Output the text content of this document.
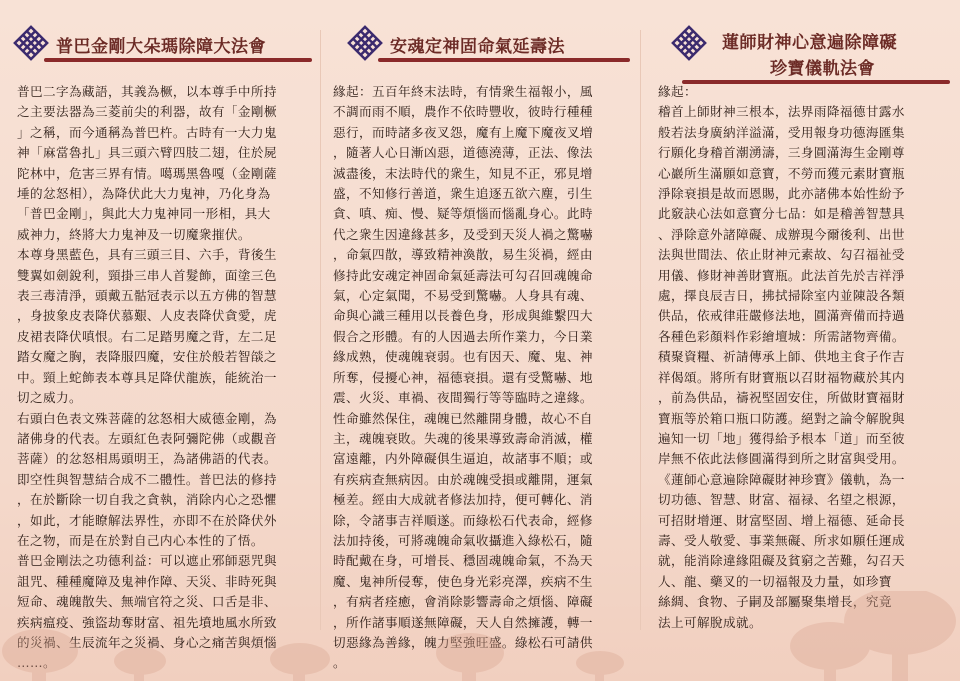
普巴金剛大朵瑪除障大法會

普巴二字為藏語，其義為橛，以本尊手中所持

之主要法器為三菱前尖的利器，故有「金剛橛

」之稱，而今通稱為普巴杵。古時有一大力鬼

神「麻當魯扎」具三頭六臂四肢二翅，住於屍

陀林中，危害三界有情。噶瑪黑魯嘎（金剛薩

埵的忿怒相），為降伏此大力鬼神，乃化身為

「普巴金剛」，與此大力鬼神同一形相，具大

威神力，終將大力鬼神及一切魔衆摧伏。

本尊身黑藍色，具有三頭三目、六手，背後生

雙翼如劍銳利，頸掛三串人首髮飾，面塗三色

表三毒清淨，頭戴五骷冠表示以五方佛的智慧

，身披象皮表降伏慕艱、人皮表降伏貪愛，虎

皮裙表降伏嗔恨。右二足踏男魔之背，左二足

踏女魔之胸，表降服四魔，安住於般若智燄之

中。頸上蛇飾表本尊具足降伏龍族，能統治一

切之威力。

右頭白色表文殊菩薩的忿怒相大威德金剛，為

諸佛身的代表。左頭紅色表阿彌陀佛（或觀音

菩薩）的忿怒相馬頭明王，為諸佛語的代表。

即空性與智慧結合成不二體性。普巴法的修持

，在於斷除一切自我之貪執，消除内心之恐懼

，如此，才能瞭解法界性，亦即不在於降伏外

在之物，而是在於對自己内心本性的了悟。

普巴金剛法之功德利益：可以遮止邪師惡咒與

詛咒、種種魔障及鬼神作障、天災、非時死與

短命、魂魄散失、無端官符之災、口舌是非、

疾病瘟疫、強盜劫奪財富、祖先墳地風水所致

的災禍、生辰流年之災禍、身心之痛苦與煩惱

……。

安魂定神固命氣延壽法

緣起：五百年終末法時，有情衆生福報小，風

不調而雨不順，農作不依時豐收，彼時行種種

惡行，而時諸多夜叉怨，魔有上魔下魔夜叉増

，隨著人心日漸凶惡，道德澆薄，正法、像法

滅盡後，末法時代的衆生，知見不正，邪見增

盛，不知修行善道，衆生追逐五欲六塵，引生

貪、嗔、痴、慢、疑等煩惱而惱亂身心。此時

代之衆生因違緣甚多，及受到天災人禍之驚嚇

，命氣四散，導致精神渙散，易生災禍，經由

修持此安魂定神固命氣延壽法可勾召回魂魄命

氣，心定氣聞，不易受到驚嚇。人身具有魂、

命與心識三種用以長養色身，形成與維繫四大

假合之形體。有的人因過去所作業力，今日業

緣成熟，使魂魄衰弱。也有因天、魔、鬼、神

所奪，侵擾心神，福德衰損。還有受驚嚇、地

震、火災、車禍、夜間獨行等等臨時之違緣。

性命雖然保住，魂魄已然離開身體，故心不自

主，魂魄衰敗。失魂的後果導致壽命消滅，權

富遠離，内外障礙俱生逼迫，故諸事不順；或

有疾病查無病因。由於魂魄受損或離開，運氣

極差。經由大成就者修法加持，便可轉化、消

除，令諸事吉祥順遂。而綠松石代表命，經修

法加持後，可將魂魄命氣收攝進入綠松石，隨

時配戴在身，可增長、穩固魂魄命氣，不為天

魔、鬼神所侵奪，使色身光彩亮澤，疾病不生

，有病者痊癒，會消除影響壽命之煩惱、障礙

，所作諸事順遂無障礙，天人自然擁護，轉一

切惡緣為善緣，魄力堅強旺盛。綠松石可請供

。

蓮師財神心意遍除障礙
珍寶儀軌法會

緣起：

稽首上師財神三根本，法界雨降福德甘露水

般若法身廣納洋溢滿，受用報身功德海匯集

行願化身稽首潮湧濤，三身圓滿海生金剛尊

心巖所生滿願如意寶，不勞而獲元素財寶瓶

淨除衰損是故而恩賜，此亦諸佛本始性紛予

此竅訣心法如意寶分七品：如是稽善智慧具

、淨除意外諸障礙、成辦現今爾後利、出世

法與世間法、依止財神元素故、勾召福祉受

用儀、修財神善財寶瓶。此法首先於吉祥淨

處，擇良辰吉日，拂拭掃除室内並陳設各類

供品，依戒律莊嚴修法地，圓滿齊備而持過

各種色彩顏料作彩繪壇城：所需諸物齊備。

積聚資糧、祈請傳承上師、供地主食子作吉

祥偈頌。將所有財寶瓶以召財福物藏於其内

，前為供品，禱祝堅固安住，所做財寶福財

寶瓶等於箱口瓶口防護。絕對之論令解脫與

遍知一切「地」獲得給予根本「道」而至彼

岸無不依此法修圓滿得到所之財富與受用。

《蓮師心意遍除障礙財神珍寶》儀軌，為一

切功德、智慧、財富、福禄、名望之根源，

可招財增運、財富堅固、增上福德、延命長

壽、受人敬愛、事業無礙、所求如願任運成

就，能消除違緣阻礙及貧窮之苦難，勾召天

人、龍、藥叉的一切福報及力量，如珍寶

絲綢、食物、子嗣及部屬聚集增長，究竟

法上可解脫成就。
